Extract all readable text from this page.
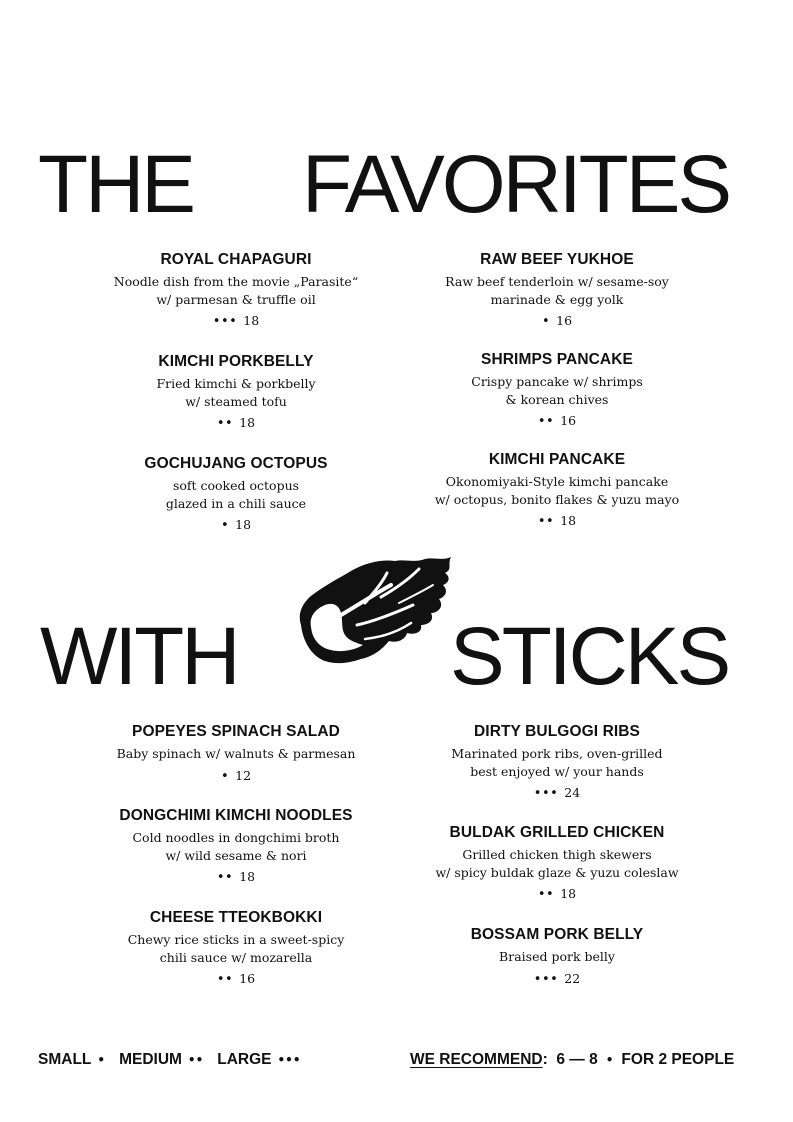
THE FAVORITES
WITH	STICKS
ROYAL CHAPAGURI
Noodle dish from the movie „Parasite“
w/ parmesan & truffle oil
••• 18
KIMCHI PORKBELLY
Fried kimchi & porkbelly
w/ steamed tofu
•• 18
GOCHUJANG OCTOPUS
soft cooked octopus
glazed in a chili sauce
• 18
RAW BEEF YUKHOE
Raw beef tenderloin w/ sesame-soy
marinade & egg yolk
• 16
SHRIMPS PANCAKE
Crispy pancake w/ shrimps
& korean chives
•• 16
KIMCHI PANCAKE
Okonomiyaki-Style kimchi pancake
w/ octopus, bonito flakes & yuzu mayo
•• 18
POPEYES SPINACH SALAD
Baby spinach w/ walnuts & parmesan
• 12
DONGCHIMI KIMCHI NOODLES
Cold noodles in dongchimi broth
w/ wild sesame & nori
•• 18
CHEESE TTEOKBOKKI
Chewy rice sticks in a sweet-spicy
chili sauce w/ mozarella
•• 16
DIRTY BULGOGI RIBS
Marinated pork ribs, oven-grilled
best enjoyed w/ your hands
••• 24
BULDAK GRILLED CHICKEN
Grilled chicken thigh skewers
w/ spicy buldak glaze & yuzu coleslaw
•• 18
BOSSAM PORK BELLY
Braised pork belly
••• 22
SMALL • MEDIUM •• LARGE •••	WE RECOMMEND:  6 — 8 • FOR 2 PEOPLE
